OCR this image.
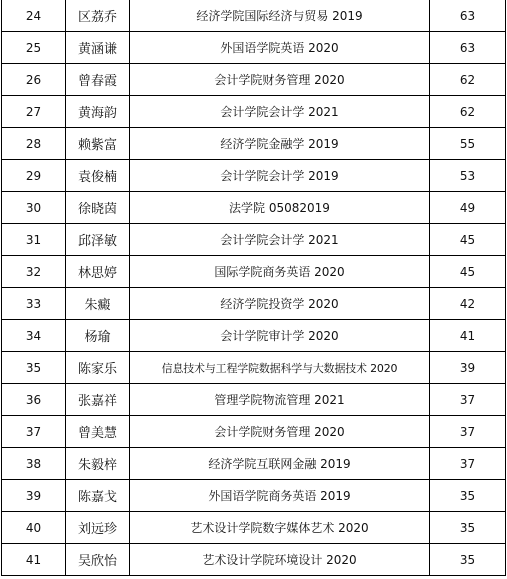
24	区荔乔	经济学院国际经济与贸易 2019	63
25	黄涵谦	外国语学院英语 2020	63
26	曾春霞	会计学院财务管理 2020	62
27	黄海韵	会计学院会计学 2021	62
28	赖紫富	经济学院金融学 2019	55
29	袁俊楠	会计学院会计学 2019	53
30	徐晓茵	法学院 05082019	49
31	邱泽敏	会计学院会计学 2021	45
32	林思婷	国际学院商务英语 2020	45
33	朱癜	经济学院投资学 2020	42
34	杨瑜	会计学院审计学 2020	41
35	陈家乐	信息技术与工程学院数据科学与大数据技术 2020	39
36	张嘉祥	管理学院物流管理 2021	37
37	曾美慧	会计学院财务管理 2020	37
38	朱毅梓	经济学院互联网金融 2019	37
39	陈嘉戈	外国语学院商务英语 2019	35
40	刘远珍	艺术设计学院数字媒体艺术 2020	35
41	吴欣怡	艺术设计学院环境设计 2020	35
